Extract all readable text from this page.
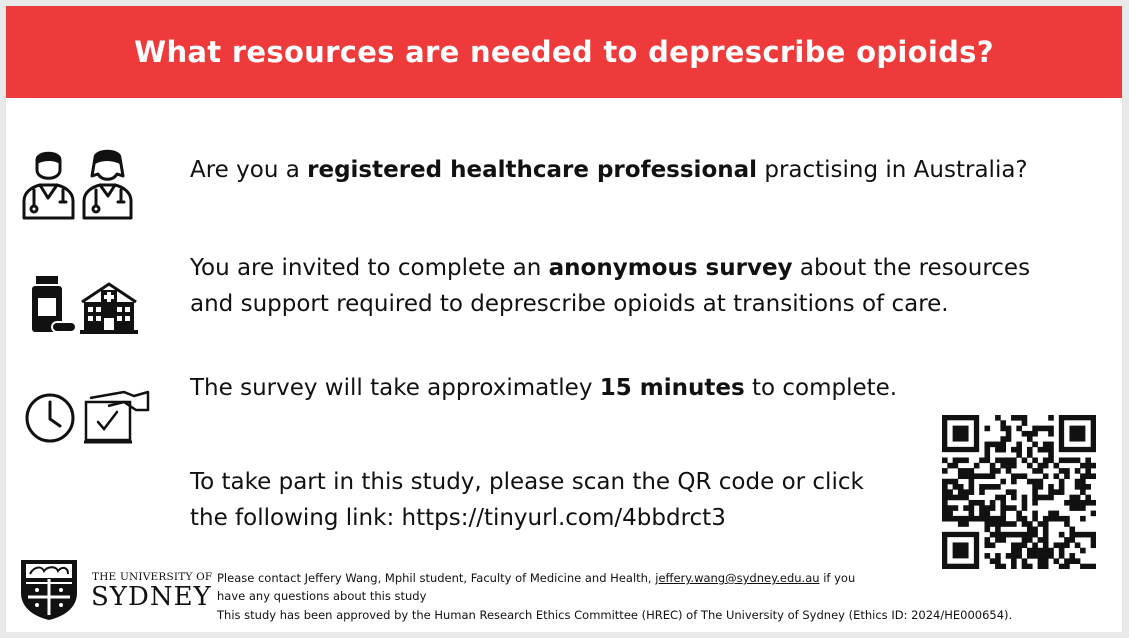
What resources are needed to deprescribe opioids?
Are you a registered healthcare professional practising in Australia?
You are invited to complete an anonymous survey about the resources
and support required to deprescribe opioids at transitions of care.
The survey will take approximatley 15 minutes to complete.
To take part in this study, please scan the QR code or click
the following link: https://tinyurl.com/4bbdrct3
THE UNIVERSITY OF
SYDNEY
Please contact Jeffery Wang, Mphil student, Faculty of Medicine and Health, jeffery.wang@sydney.edu.au if you
have any questions about this study
This study has been approved by the Human Research Ethics Committee (HREC) of The University of Sydney (Ethics ID: 2024/HE000654).
